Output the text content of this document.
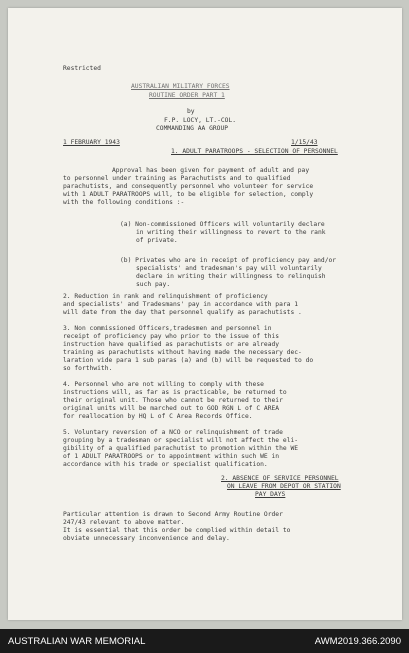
Restricted
AUSTRALIAN MILITARY FORCES
ROUTINE ORDER PART 1
by
F.P. LOCY, LT.-COL.
COMMANDING AA GROUP
1 FEBRUARY 1943	1/15/43
1. ADULT PARATROOPS - SELECTION OF PERSONNEL
Approval has been given for payment of adult and pay
to personnel under training as Parachutists and to qualified
parachutists, and consequently personnel who volunteer for service
with 1 ADULT PARATROOPS will, to be eligible for selection, comply
with the following conditions :-
(a) Non-commissioned Officers will voluntarily declare
in writing their willingness to revert to the rank
of private.
(b) Privates who are in receipt of proficiency pay and/or
specialists' and tradesman's pay will voluntarily
declare in writing their willingness to relinquish
such pay.
2. Reduction in rank and relinquishment of proficiency
and specialists' and Tradesmans' pay in accordance with para 1
will date from the day that personnel qualify as parachutists .
3. Non commissioned Officers,tradesmen and personnel in
receipt of proficiency pay who prior to the issue of this
instruction have qualified as parachutists or are already
training as parachutists without having made the necessary dec-
laration vide para 1 sub paras (a) and (b) will be requested to do
so forthwith.
4. Personnel who are not willing to comply with these
instructions will, as far as is practicable, be returned to
their original unit. Those who cannot be returned to their
original units will be marched out to GOD RGN L of C AREA
for reallocation by HQ L of C Area Records Office.
5. Voluntary reversion of a NCO or relinquishment of trade
grouping by a tradesman or specialist will not affect the eli-
gibility of a qualified parachutist to promotion within the WE
of 1 ADULT PARATROOPS or to appointment within such WE in
accordance with his trade or specialist qualification.
2. ABSENCE OF SERVICE PERSONNEL
ON LEAVE FROM DEPOT OR STATION
PAY DAYS
Particular attention is drawn to Second Army Routine Order
247/43 relevant to above matter.
It is essential that this order be complied within detail to
obviate unnecessary inconvenience and delay.
AUSTRALIAN WAR MEMORIAL	AWM2019.366.2090
